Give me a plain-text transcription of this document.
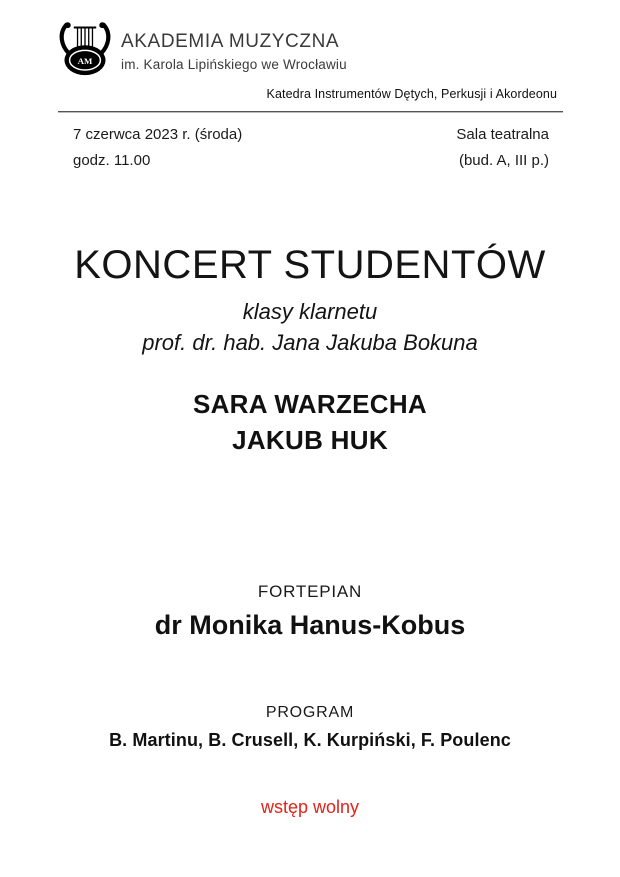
AM
AKADEMIA MUZYCZNA
im. Karola Lipińskiego we Wrocławiu
Katedra Instrumentów Dętych, Perkusji i Akordeonu
7 czerwca 2023 r. (środa)
godz. 11.00
Sala teatralna
(bud. A, III p.)
KONCERT STUDENTÓW
klasy klarnetu
prof. dr. hab. Jana Jakuba Bokuna
SARA WARZECHA
JAKUB HUK
FORTEPIAN
dr Monika Hanus-Kobus
PROGRAM
B. Martinu, B. Crusell, K. Kurpiński, F. Poulenc
wstęp wolny
